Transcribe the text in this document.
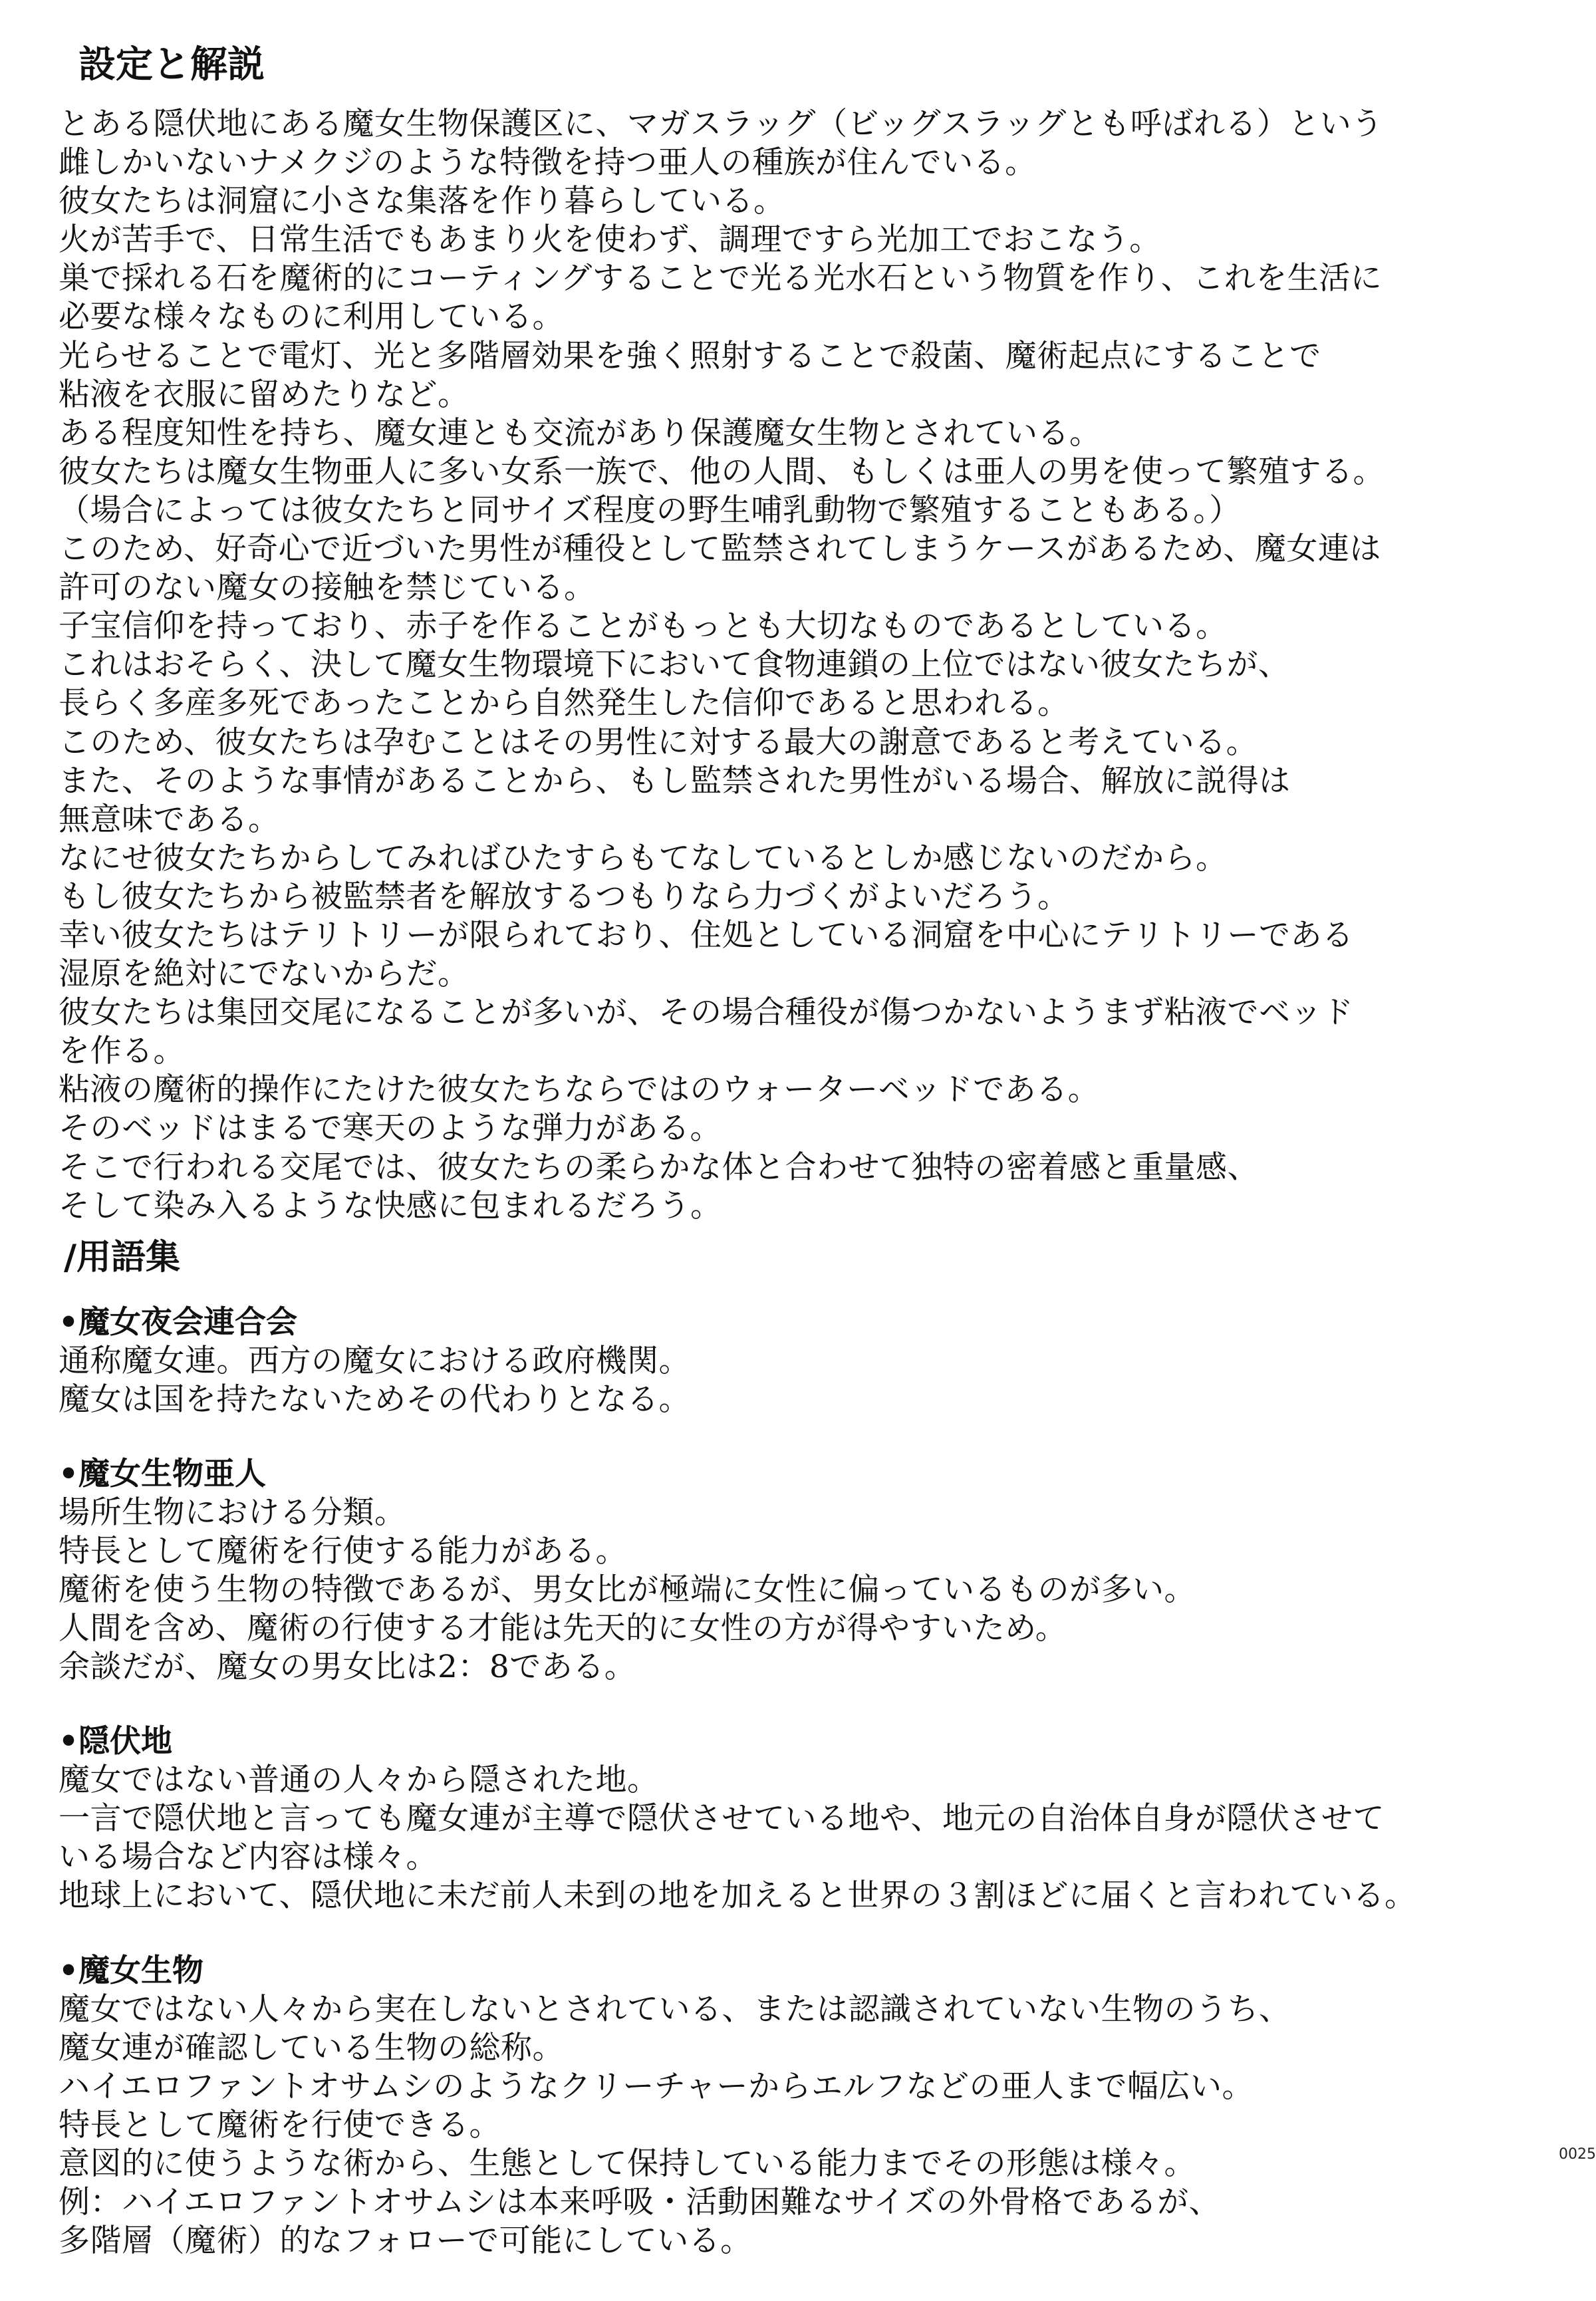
設定と解説
とある隠伏地にある魔女生物保護区に、マガスラッグ（ビッグスラッグとも呼ばれる）という
雌しかいないナメクジのような特徴を持つ亜人の種族が住んでいる。
彼女たちは洞窟に小さな集落を作り暮らしている。
火が苦手で、日常生活でもあまり火を使わず、調理ですら光加工でおこなう。
巣で採れる石を魔術的にコーティングすることで光る光水石という物質を作り、これを生活に
必要な様々なものに利用している。
光らせることで電灯、光と多階層効果を強く照射することで殺菌、魔術起点にすることで
粘液を衣服に留めたりなど。
ある程度知性を持ち、魔女連とも交流があり保護魔女生物とされている。
彼女たちは魔女生物亜人に多い女系一族で、他の人間、もしくは亜人の男を使って繁殖する。
（場合によっては彼女たちと同サイズ程度の野生哺乳動物で繁殖することもある。）
このため、好奇心で近づいた男性が種役として監禁されてしまうケースがあるため、魔女連は
許可のない魔女の接触を禁じている。
子宝信仰を持っており、赤子を作ることがもっとも大切なものであるとしている。
これはおそらく、決して魔女生物環境下において食物連鎖の上位ではない彼女たちが、
長らく多産多死であったことから自然発生した信仰であると思われる。
このため、彼女たちは孕むことはその男性に対する最大の謝意であると考えている。
また、そのような事情があることから、もし監禁された男性がいる場合、解放に説得は
無意味である。
なにせ彼女たちからしてみればひたすらもてなしているとしか感じないのだから。
もし彼女たちから被監禁者を解放するつもりなら力づくがよいだろう。
幸い彼女たちはテリトリーが限られており、住処としている洞窟を中心にテリトリーである
湿原を絶対にでないからだ。
彼女たちは集団交尾になることが多いが、その場合種役が傷つかないようまず粘液でベッド
を作る。
粘液の魔術的操作にたけた彼女たちならではのウォーターベッドである。
そのベッドはまるで寒天のような弾力がある。
そこで行われる交尾では、彼女たちの柔らかな体と合わせて独特の密着感と重量感、
そして染み入るような快感に包まれるだろう。
/用語集
•魔女夜会連合会
通称魔女連。西方の魔女における政府機関。
魔女は国を持たないためその代わりとなる。
•魔女生物亜人
場所生物における分類。
特長として魔術を行使する能力がある。
魔術を使う生物の特徴であるが、男女比が極端に女性に偏っているものが多い。
人間を含め、魔術の行使する才能は先天的に女性の方が得やすいため。
余談だが、魔女の男女比は2：8である。
•隠伏地
魔女ではない普通の人々から隠された地。
一言で隠伏地と言っても魔女連が主導で隠伏させている地や、地元の自治体自身が隠伏させて
いる場合など内容は様々。
地球上において、隠伏地に未だ前人未到の地を加えると世界の３割ほどに届くと言われている。
•魔女生物
魔女ではない人々から実在しないとされている、または認識されていない生物のうち、
魔女連が確認している生物の総称。
ハイエロファントオサムシのようなクリーチャーからエルフなどの亜人まで幅広い。
特長として魔術を行使できる。
意図的に使うような術から、生態として保持している能力までその形態は様々。
例：ハイエロファントオサムシは本来呼吸・活動困難なサイズの外骨格であるが、
多階層（魔術）的なフォローで可能にしている。
0025
